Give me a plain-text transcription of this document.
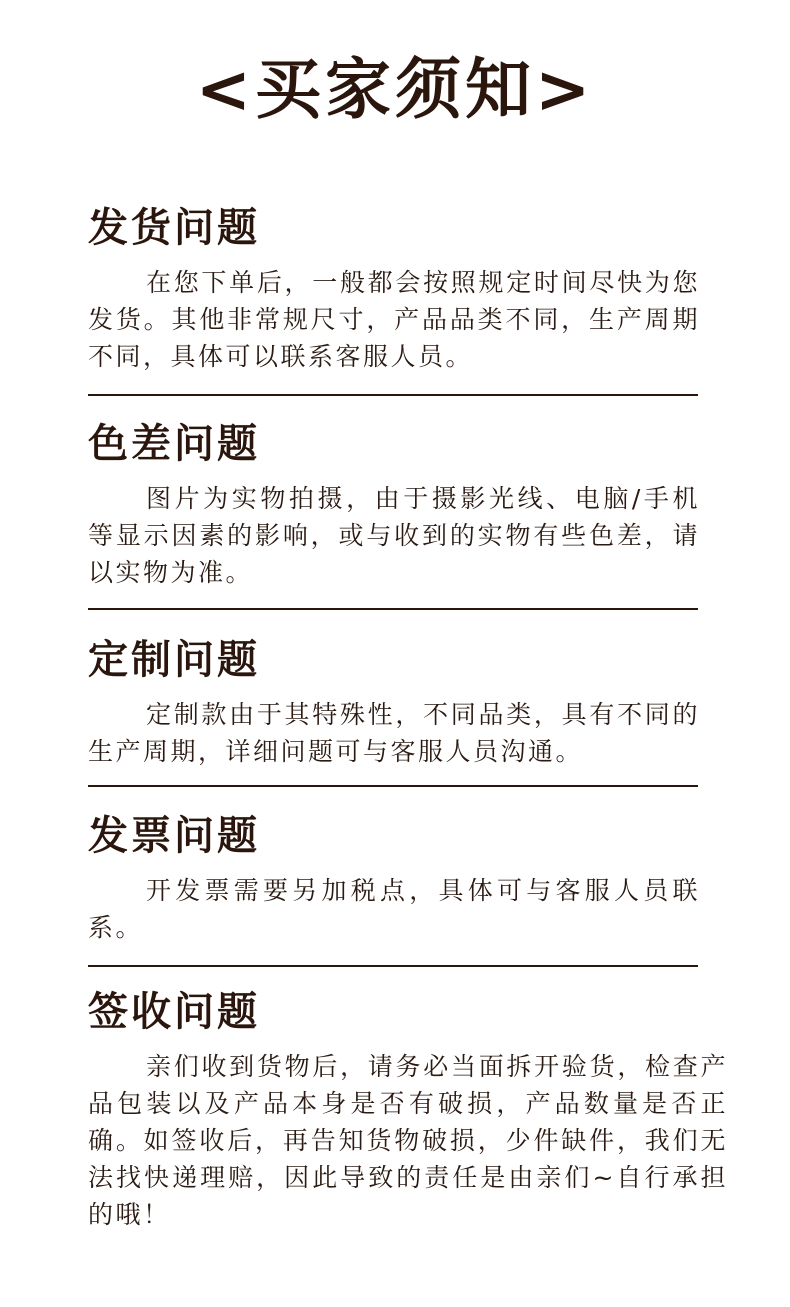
<买家须知>
发货问题

在您下单后，一般都会按照规定时间尽快为您发货。其他非常规尺寸，产品品类不同，生产周期不同，具体可以联系客服人员。

色差问题

图片为实物拍摄，由于摄影光线、电脑/手机等显示因素的影响，或与收到的实物有些色差，请以实物为准。

定制问题

定制款由于其特殊性，不同品类，具有不同的生产周期，详细问题可与客服人员沟通。

发票问题

开发票需要另加税点，具体可与客服人员联系。

签收问题

亲们收到货物后，请务必当面拆开验货，检查产品包装以及产品本身是否有破损，产品数量是否正确。如签收后，再告知货物破损，少件缺件，我们无法找快递理赔，因此导致的责任是由亲们~自行承担的哦！
